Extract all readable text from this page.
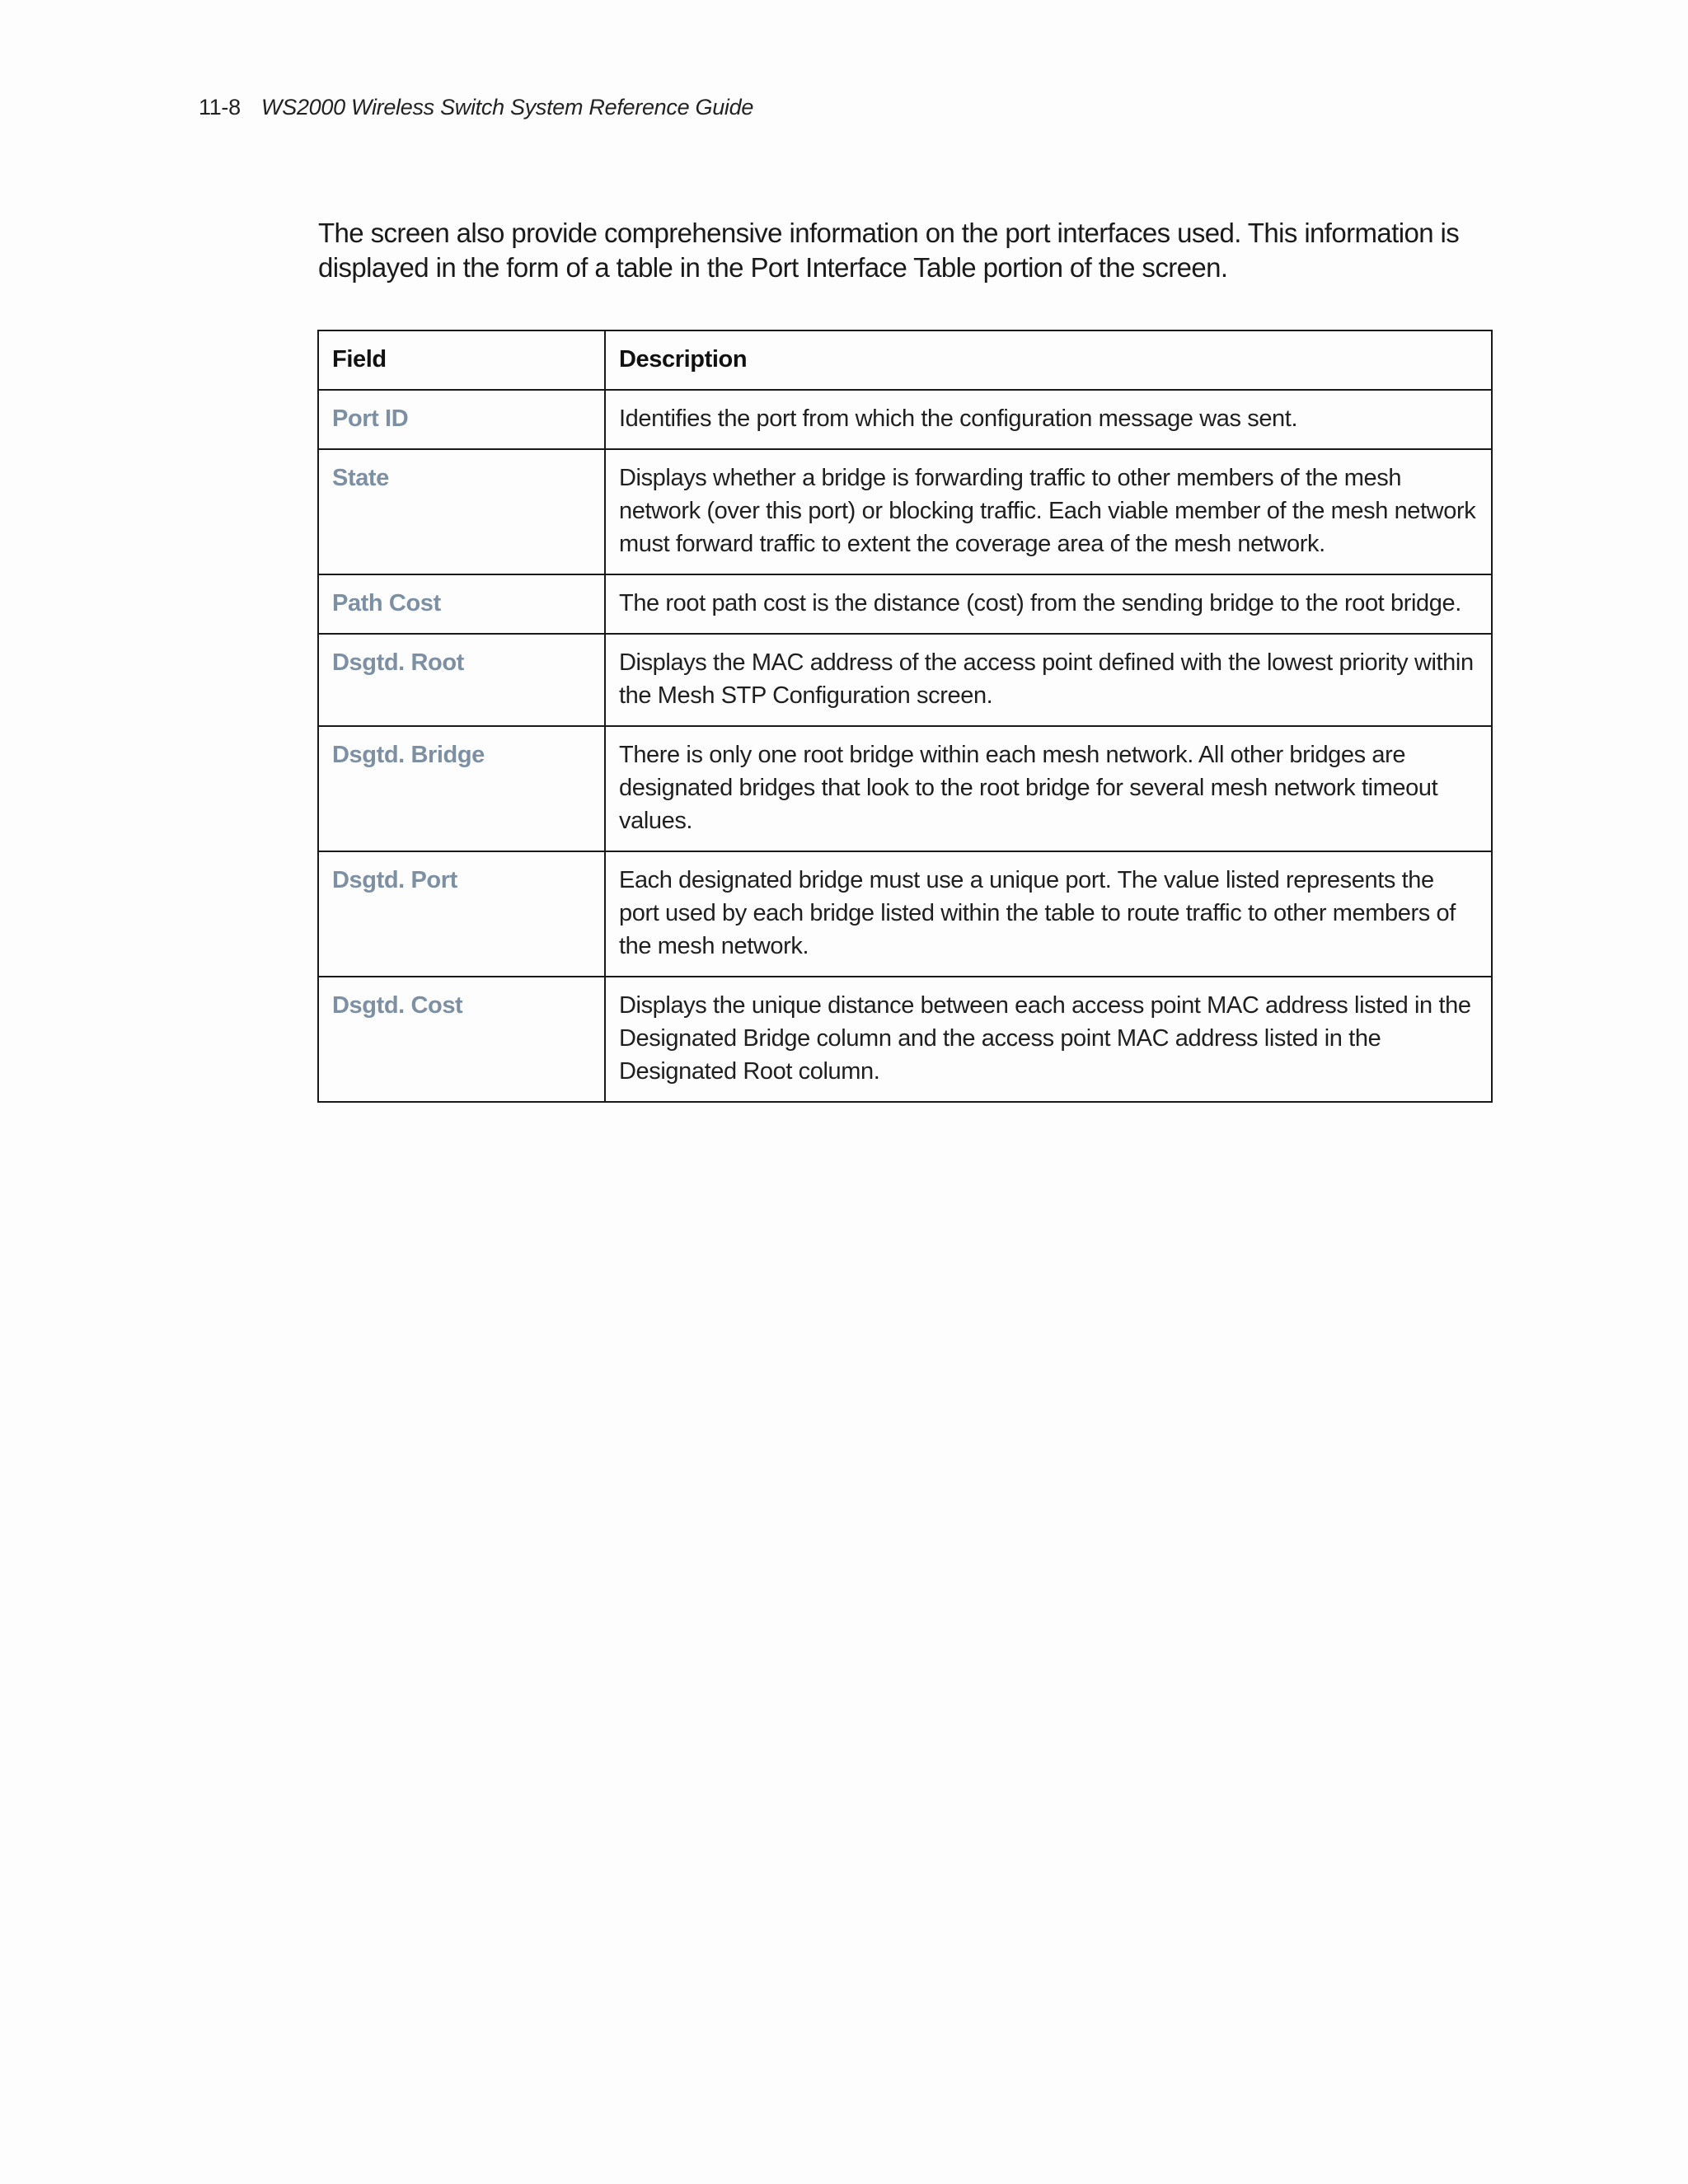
11-8 WS2000 Wireless Switch System Reference Guide

The screen also provide comprehensive information on the port interfaces used. This information is displayed in the form of a table in the Port Interface Table portion of the screen.

Field	Description
Port ID	Identifies the port from which the configuration message was sent.
State	Displays whether a bridge is forwarding traffic to other members of the mesh network (over this port) or blocking traffic. Each viable member of the mesh network must forward traffic to extent the coverage area of the mesh network.
Path Cost	The root path cost is the distance (cost) from the sending bridge to the root bridge.
Dsgtd. Root	Displays the MAC address of the access point defined with the lowest priority within the Mesh STP Configuration screen.
Dsgtd. Bridge	There is only one root bridge within each mesh network. All other bridges are designated bridges that look to the root bridge for several mesh network timeout values.
Dsgtd. Port	Each designated bridge must use a unique port. The value listed represents the port used by each bridge listed within the table to route traffic to other members of the mesh network.
Dsgtd. Cost	Displays the unique distance between each access point MAC address listed in the Designated Bridge column and the access point MAC address listed in the Designated Root column.
